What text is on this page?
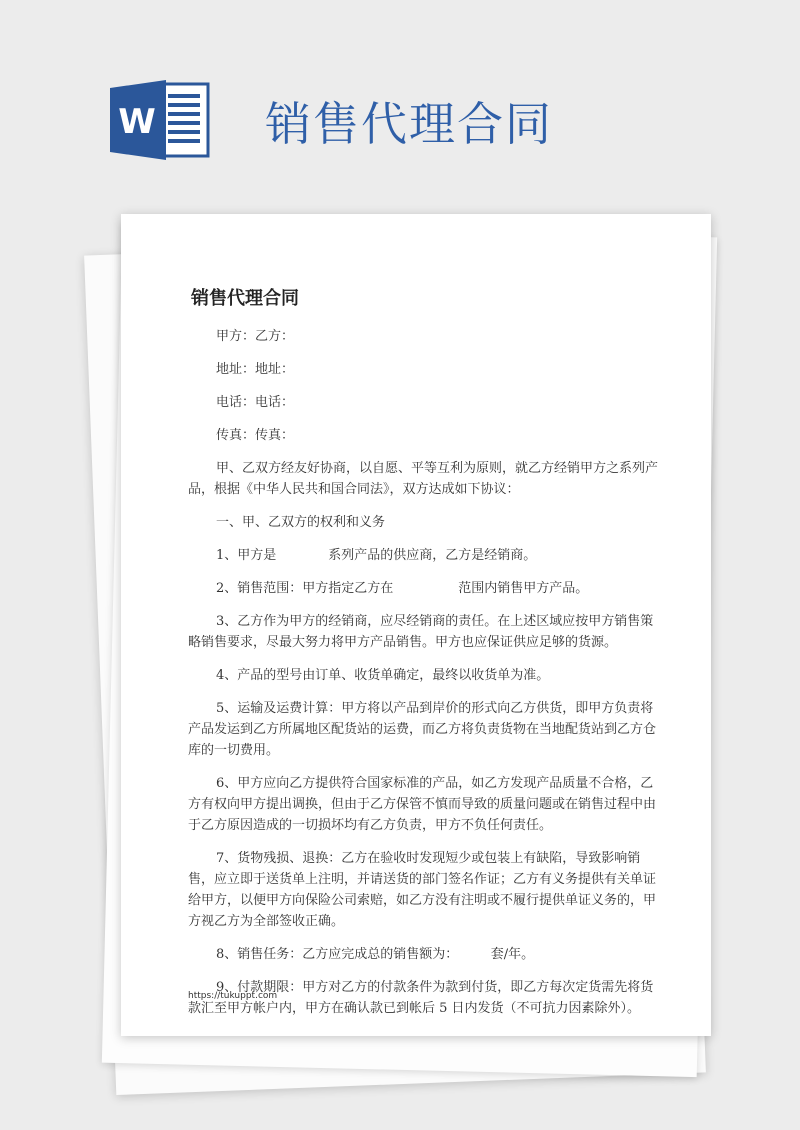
W 销售代理合同
销售代理合同

甲方：乙方：

地址：地址：

电话：电话：

传真：传真：

甲、乙双方经友好协商，以自愿、平等互利为原则，就乙方经销甲方之系列产品，根据《中华人民共和国合同法》，双方达成如下协议：

一、甲、乙双方的权利和义务

1、甲方是　　　　系列产品的供应商，乙方是经销商。

2、销售范围：甲方指定乙方在　　　　　范围内销售甲方产品。

3、乙方作为甲方的经销商，应尽经销商的责任。在上述区域应按甲方销售策略销售要求，尽最大努力将甲方产品销售。甲方也应保证供应足够的货源。

4、产品的型号由订单、收货单确定，最终以收货单为准。

5、运输及运费计算：甲方将以产品到岸价的形式向乙方供货，即甲方负责将产品发运到乙方所属地区配货站的运费，而乙方将负责货物在当地配货站到乙方仓库的一切费用。

6、甲方应向乙方提供符合国家标准的产品，如乙方发现产品质量不合格，乙方有权向甲方提出调换，但由于乙方保管不慎而导致的质量问题或在销售过程中由于乙方原因造成的一切损坏均有乙方负责，甲方不负任何责任。

7、货物残损、退换：乙方在验收时发现短少或包装上有缺陷，导致影响销售，应立即于送货单上注明，并请送货的部门签名作证；乙方有义务提供有关单证给甲方，以便甲方向保险公司索赔，如乙方没有注明或不履行提供单证义务的，甲方视乙方为全部签收正确。

8、销售任务：乙方应完成总的销售额为：　　　套/年。

9、付款期限：甲方对乙方的付款条件为款到付货，即乙方每次定货需先将货款汇至甲方帐户内，甲方在确认款已到帐后 5 日内发货（不可抗力因素除外）。

https://tukuppt.com
